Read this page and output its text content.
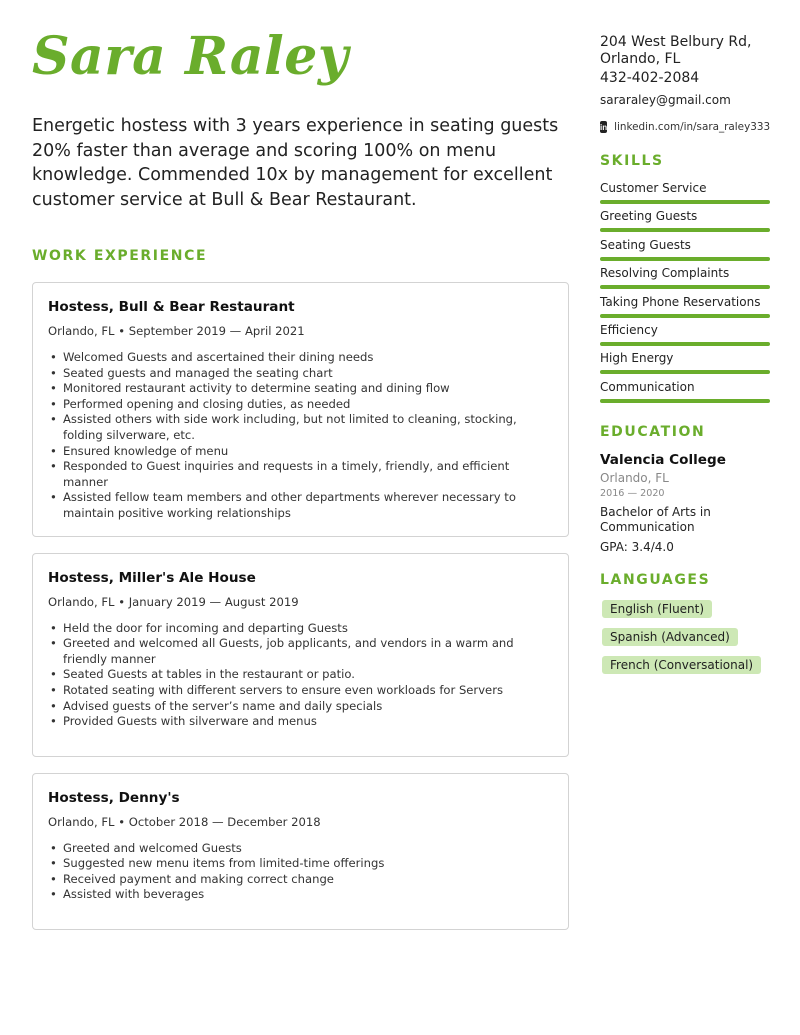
Sara Raley
Energetic hostess with 3 years experience in seating guests 20% faster than average and scoring 100% on menu knowledge. Commended 10x by management for excellent customer service at Bull & Bear Restaurant.
WORK EXPERIENCE
Hostess, Bull & Bear Restaurant
Orlando, FL • September 2019 — April 2021
• Welcomed Guests and ascertained their dining needs
• Seated guests and managed the seating chart
• Monitored restaurant activity to determine seating and dining flow
• Performed opening and closing duties, as needed
• Assisted others with side work including, but not limited to cleaning, stocking, folding silverware, etc.
• Ensured knowledge of menu
• Responded to Guest inquiries and requests in a timely, friendly, and efficient manner
• Assisted fellow team members and other departments wherever necessary to maintain positive working relationships
Hostess, Miller's Ale House
Orlando, FL • January 2019 — August 2019
• Held the door for incoming and departing Guests
• Greeted and welcomed all Guests, job applicants, and vendors in a warm and friendly manner
• Seated Guests at tables in the restaurant or patio.
• Rotated seating with different servers to ensure even workloads for Servers
• Advised guests of the server’s name and daily specials
• Provided Guests with silverware and menus
Hostess, Denny's
Orlando, FL • October 2018 — December 2018
• Greeted and welcomed Guests
• Suggested new menu items from limited-time offerings
• Received payment and making correct change
• Assisted with beverages
204 West Belbury Rd,
Orlando, FL
432-402-2084
sararaley@gmail.com
in linkedin.com/in/sara_raley333
SKILLS
Customer Service
Greeting Guests
Seating Guests
Resolving Complaints
Taking Phone Reservations
Efficiency
High Energy
Communication
EDUCATION
Valencia College
Orlando, FL
2016 — 2020
Bachelor of Arts in Communication
GPA: 3.4/4.0
LANGUAGES
English (Fluent)
Spanish (Advanced)
French (Conversational)
